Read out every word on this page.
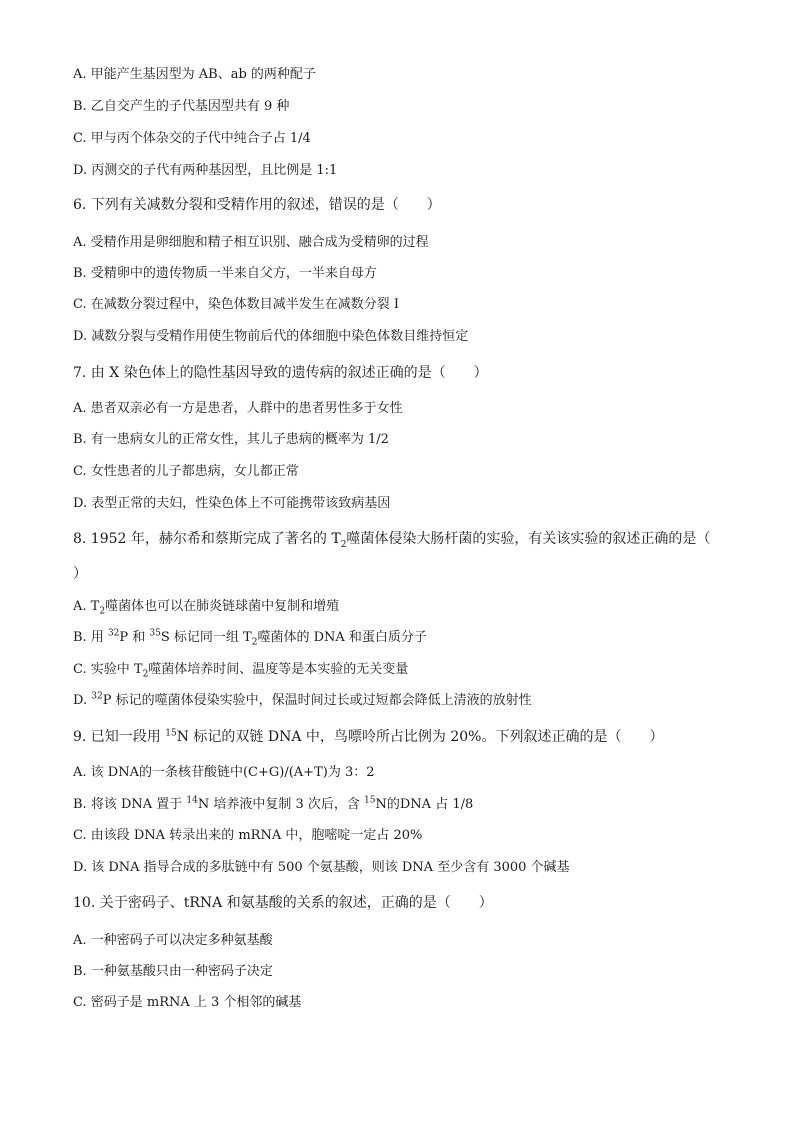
A. 甲能产生基因型为 AB、ab 的两种配子
B. 乙自交产生的子代基因型共有 9 种
C. 甲与丙个体杂交的子代中纯合子占 1/4
D. 丙测交的子代有两种基因型，且比例是 1:1
6. 下列有关减数分裂和受精作用的叙述，错误的是（　　）
A. 受精作用是卵细胞和精子相互识别、融合成为受精卵的过程
B. 受精卵中的遗传物质一半来自父方，一半来自母方
C. 在减数分裂过程中，染色体数目减半发生在减数分裂 Ⅰ
D. 减数分裂与受精作用使生物前后代的体细胞中染色体数目维持恒定
7. 由 X 染色体上的隐性基因导致的遗传病的叙述正确的是（　　）
A. 患者双亲必有一方是患者，人群中的患者男性多于女性
B. 有一患病女儿的正常女性，其儿子患病的概率为 1/2
C. 女性患者的儿子都患病，女儿都正常
D. 表型正常的夫妇，性染色体上不可能携带该致病基因
8. 1952 年，赫尔希和蔡斯完成了著名的 $T_2$噬菌体侵染大肠杆菌的实验，有关该实验的叙述正确的是（
）
A. $T_2$噬菌体也可以在肺炎链球菌中复制和增殖
B. 用 $^{32}$P 和 $^{35}$S 标记同一组 $T_2$噬菌体的 DNA 和蛋白质分子
C. 实验中 $T_2$噬菌体培养时间、温度等是本实验的无关变量
D. $^{32}$P 标记的噬菌体侵染实验中，保温时间过长或过短都会降低上清液的放射性
9. 已知一段用 $^{15}$N 标记的双链 DNA 中，鸟嘌呤所占比例为 20%。下列叙述正确的是（　　）
A. 该 DNA的一条核苷酸链中(C+G)/(A+T)为 3：2
B. 将该 DNA 置于 $^{14}$N 培养液中复制 3 次后，含 $^{15}$N的DNA 占 1/8
C. 由该段 DNA 转录出来的 mRNA 中，胞嘧啶一定占 20%
D. 该 DNA 指导合成的多肽链中有 500 个氨基酸，则该 DNA 至少含有 3000 个碱基
10. 关于密码子、tRNA 和氨基酸的关系的叙述，正确的是（　　）
A. 一种密码子可以决定多种氨基酸
B. 一种氨基酸只由一种密码子决定
C. 密码子是 mRNA 上 3 个相邻的碱基
